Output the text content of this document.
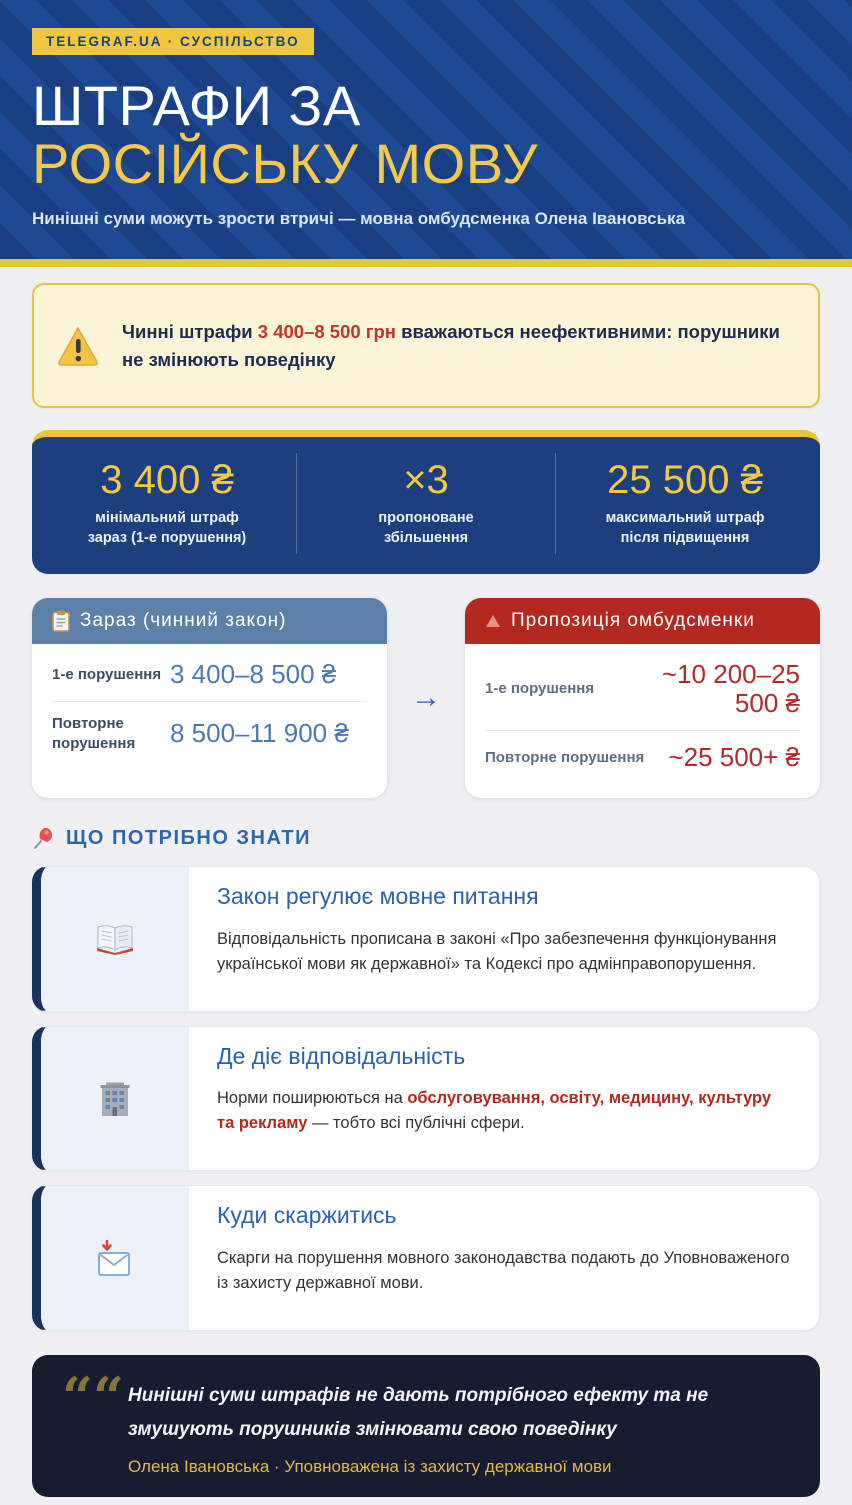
TELEGRAF.UA · СУСПІЛЬСТВО
ШТРАФИ ЗА
РОСІЙСЬКУ МОВУ
Нинішні суми можуть зрости втричі — мовна омбудсменка Олена Івановська

Чинні штрафи 3 400–8 500 грн вважаються неефективними: порушники не змінюють поведінку

3 400 ₴
мінімальний штраф
зараз (1-е порушення)
×3
пропоноване
збільшення
25 500 ₴
максимальний штраф
після підвищення
Зараз (чинний закон)
1-е порушення 3 400–8 500 ₴
Повторне порушення	8 500–11 900 ₴
→
Пропозиція омбудсменки
1-е порушення	~10 200–25 500 ₴
Повторне порушення ~25 500+ ₴
ЩО ПОТРІБНО ЗНАТИ
Закон регулює мовне питання

Відповідальність прописана в законі «Про забезпечення функціонування української мови як державної» та Кодексі про адмінправопорушення.

Де діє відповідальність

Норми поширюються на обслуговування, освіту, медицину, культуру та рекламу — тобто всі публічні сфери.

Куди скаржитись

Скарги на порушення мовного законодавства подають до Уповноваженого із захисту державної мови.

““ Нинішні суми штрафів не дають потрібного ефекту та не змушують порушників змінювати свою поведінку

Олена Івановська · Уповноважена із захисту державної мови
